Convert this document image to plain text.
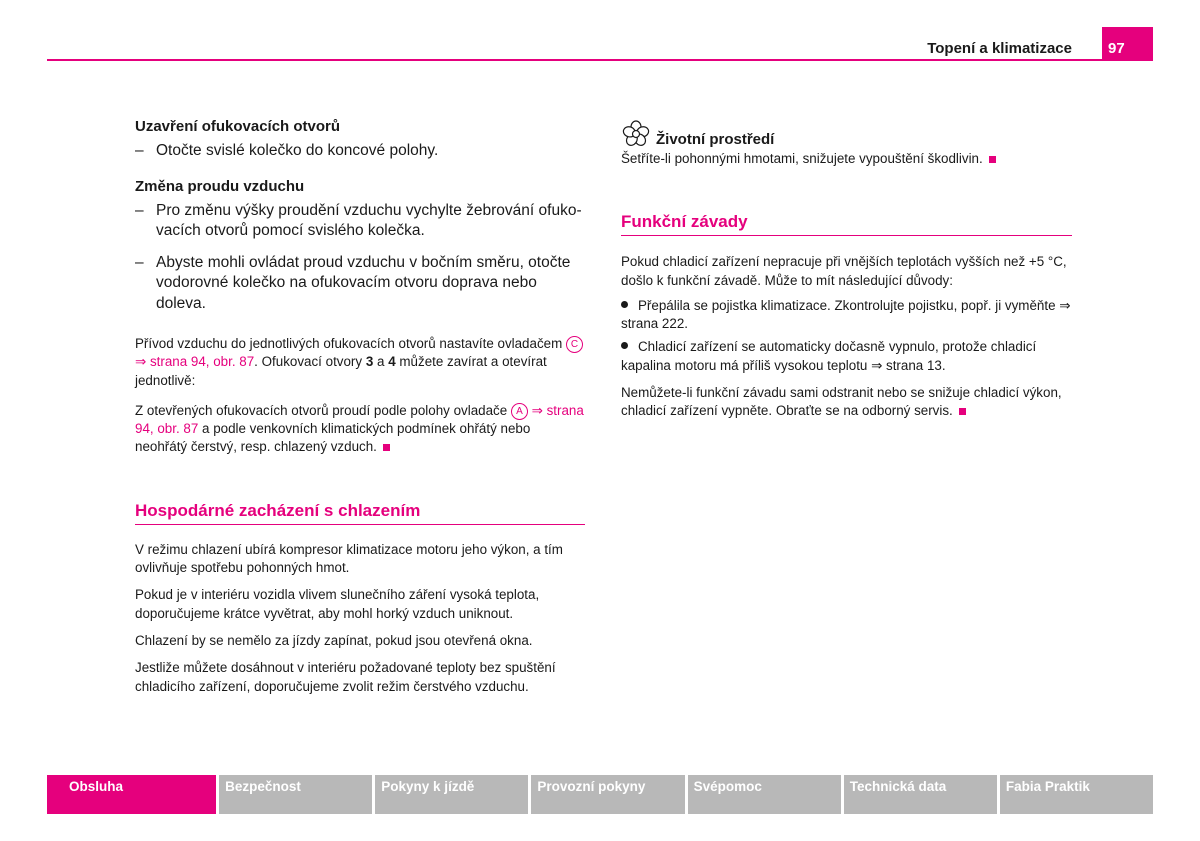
Topení a klimatizace	97

Uzavření ofukovacích otvorů

– Otočte svislé kolečko do koncové polohy.

Změna proudu vzduchu

– Pro změnu výšky proudění vzduchu vychylte žebrování ofuko-vacích otvorů pomocí svislého kolečka.

– Abyste mohli ovládat proud vzduchu v bočním směru, otočte vodorovné kolečko na ofukovacím otvoru doprava nebo doleva.

Přívod vzduchu do jednotlivých ofukovacích otvorů nastavíte ovladačem C ⇒ strana 94, obr. 87. Ofukovací otvory 3 a 4 můžete zavírat a otevírat jednotlivě:

Z otevřených ofukovacích otvorů proudí podle polohy ovladače A ⇒ strana 94, obr. 87 a podle venkovních klimatických podmínek ohřátý nebo neohřátý čerstvý, resp. chlazený vzduch.

Hospodárné zacházení s chlazením

V režimu chlazení ubírá kompresor klimatizace motoru jeho výkon, a tím ovlivňuje spotřebu pohonných hmot.

Pokud je v interiéru vozidla vlivem slunečního záření vysoká teplota, doporučujeme krátce vyvětrat, aby mohl horký vzduch uniknout.

Chlazení by se nemělo za jízdy zapínat, pokud jsou otevřená okna.

Jestliže můžete dosáhnout v interiéru požadované teploty bez spuštění chladicího zařízení, doporučujeme zvolit režim čerstvého vzduchu.

Životní prostředí

Šetříte-li pohonnými hmotami, snižujete vypouštění škodlivin.

Funkční závady

Pokud chladicí zařízení nepracuje při vnějších teplotách vyšších než +5 °C, došlo k funkční závadě. Může to mít následující důvody:

Přepálila se pojistka klimatizace. Zkontrolujte pojistku, popř. ji vyměňte ⇒ strana 222.

Chladicí zařízení se automaticky dočasně vypnulo, protože chladicí kapalina motoru má příliš vysokou teplotu ⇒ strana 13.

Nemůžete-li funkční závadu sami odstranit nebo se snižuje chladicí výkon, chladicí zařízení vypněte. Obraťte se na odborný servis.

Obsluha	Bezpečnost	Pokyny k jízdě	Provozní pokyny	Svépomoc	Technická data	Fabia Praktik
